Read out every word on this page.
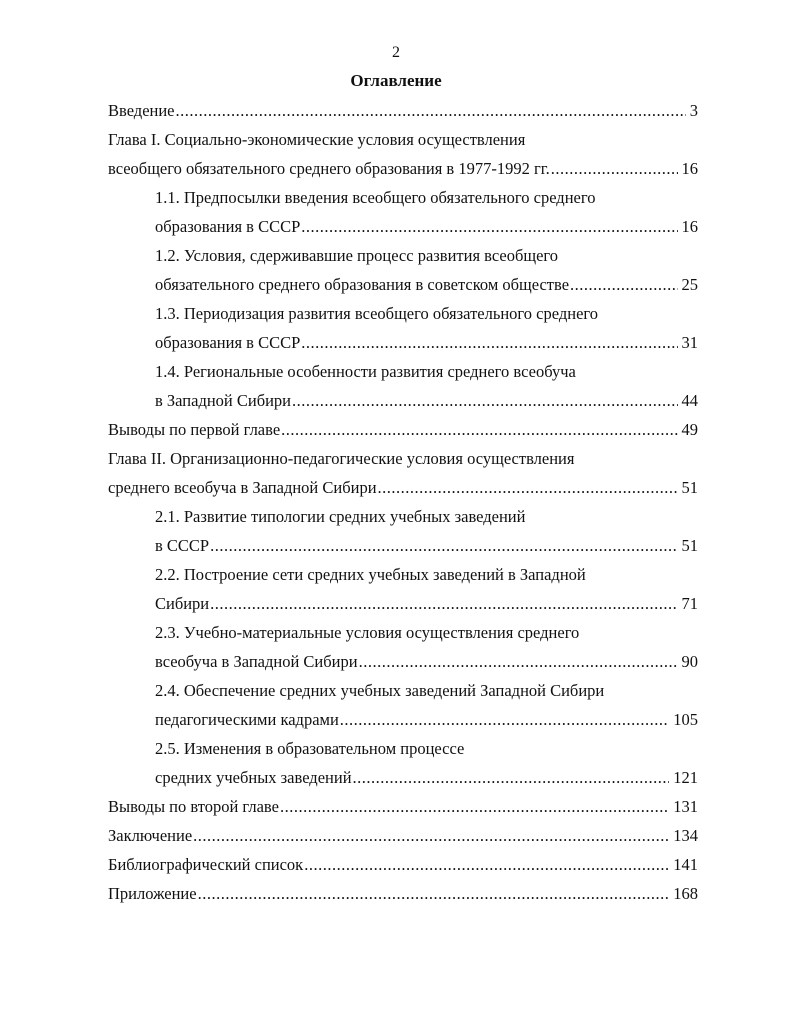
2
Оглавление
Введение .....	3
Глава I. Социально-экономические условия осуществления
всеобщего обязательного среднего образования в 1977-1992 гг. .....	16
1.1. Предпосылки введения всеобщего обязательного среднего
образования в СССР .....	16
1.2. Условия, сдерживавшие процесс развития всеобщего
обязательного среднего образования в советском обществе .....	25
1.3. Периодизация развития всеобщего обязательного среднего
образования в СССР .....	31
1.4. Региональные особенности развития среднего всеобуча
в Западной Сибири .....	44
Выводы по первой главе .....	49
Глава II. Организационно-педагогические условия осуществления
среднего всеобуча в Западной Сибири .....	51
2.1. Развитие типологии средних учебных заведений
в СССР .....	51
2.2. Построение сети средних учебных заведений в Западной
Сибири .....	71
2.3. Учебно-материальные условия осуществления среднего
всеобуча в Западной Сибири .....	90
2.4. Обеспечение средних учебных заведений Западной Сибири
педагогическими кадрами .....	105
2.5. Изменения в образовательном процессе
средних учебных заведений .....	121
Выводы по второй главе .....	131
Заключение .....	134
Библиографический список .....	141
Приложение .....	168
